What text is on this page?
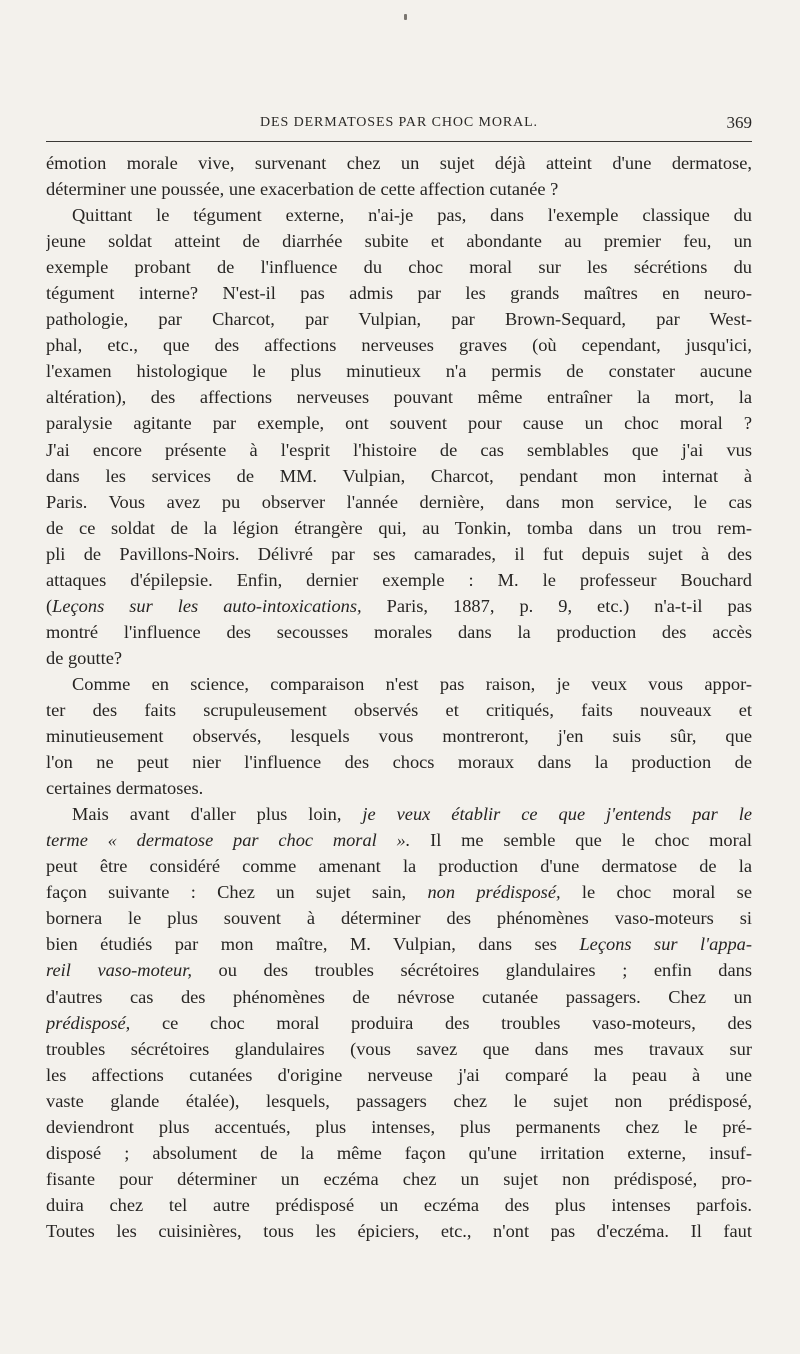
DES DERMATOSES PAR CHOC MORAL.	369
émotion morale vive, survenant chez un sujet déjà atteint d'une dermatose,
déterminer une poussée, une exacerbation de cette affection cutanée ?
Quittant le tégument externe, n'ai-je pas, dans l'exemple classique du
jeune soldat atteint de diarrhée subite et abondante au premier feu, un
exemple probant de l'influence du choc moral sur les sécrétions du
tégument interne? N'est-il pas admis par les grands maîtres en neuro-
pathologie, par Charcot, par Vulpian, par Brown-Sequard, par West-
phal, etc., que des affections nerveuses graves (où cependant, jusqu'ici,
l'examen histologique le plus minutieux n'a permis de constater aucune
altération), des affections nerveuses pouvant même entraîner la mort, la
paralysie agitante par exemple, ont souvent pour cause un choc moral ?
J'ai encore présente à l'esprit l'histoire de cas semblables que j'ai vus
dans les services de MM. Vulpian, Charcot, pendant mon internat à
Paris. Vous avez pu observer l'année dernière, dans mon service, le cas
de ce soldat de la légion étrangère qui, au Tonkin, tomba dans un trou rem-
pli de Pavillons-Noirs. Délivré par ses camarades, il fut depuis sujet à des
attaques d'épilepsie. Enfin, dernier exemple : M. le professeur Bouchard
(Leçons sur les auto-intoxications, Paris, 1887, p. 9, etc.) n'a-t-il pas
montré l'influence des secousses morales dans la production des accès
de goutte?
Comme en science, comparaison n'est pas raison, je veux vous appor-
ter des faits scrupuleusement observés et critiqués, faits nouveaux et
minutieusement observés, lesquels vous montreront, j'en suis sûr, que
l'on ne peut nier l'influence des chocs moraux dans la production de
certaines dermatoses.
Mais avant d'aller plus loin, je veux établir ce que j'entends par le
terme « dermatose par choc moral ». Il me semble que le choc moral
peut être considéré comme amenant la production d'une dermatose de la
façon suivante : Chez un sujet sain, non prédisposé, le choc moral se
bornera le plus souvent à déterminer des phénomènes vaso-moteurs si
bien étudiés par mon maître, M. Vulpian, dans ses Leçons sur l'appa-
reil vaso-moteur, ou des troubles sécrétoires glandulaires ; enfin dans
d'autres cas des phénomènes de névrose cutanée passagers. Chez un
prédisposé, ce choc moral produira des troubles vaso-moteurs, des
troubles sécrétoires glandulaires (vous savez que dans mes travaux sur
les affections cutanées d'origine nerveuse j'ai comparé la peau à une
vaste glande étalée), lesquels, passagers chez le sujet non prédisposé,
deviendront plus accentués, plus intenses, plus permanents chez le pré-
disposé ; absolument de la même façon qu'une irritation externe, insuf-
fisante pour déterminer un eczéma chez un sujet non prédisposé, pro-
duira chez tel autre prédisposé un eczéma des plus intenses parfois.
Toutes les cuisinières, tous les épiciers, etc., n'ont pas d'eczéma. Il faut
